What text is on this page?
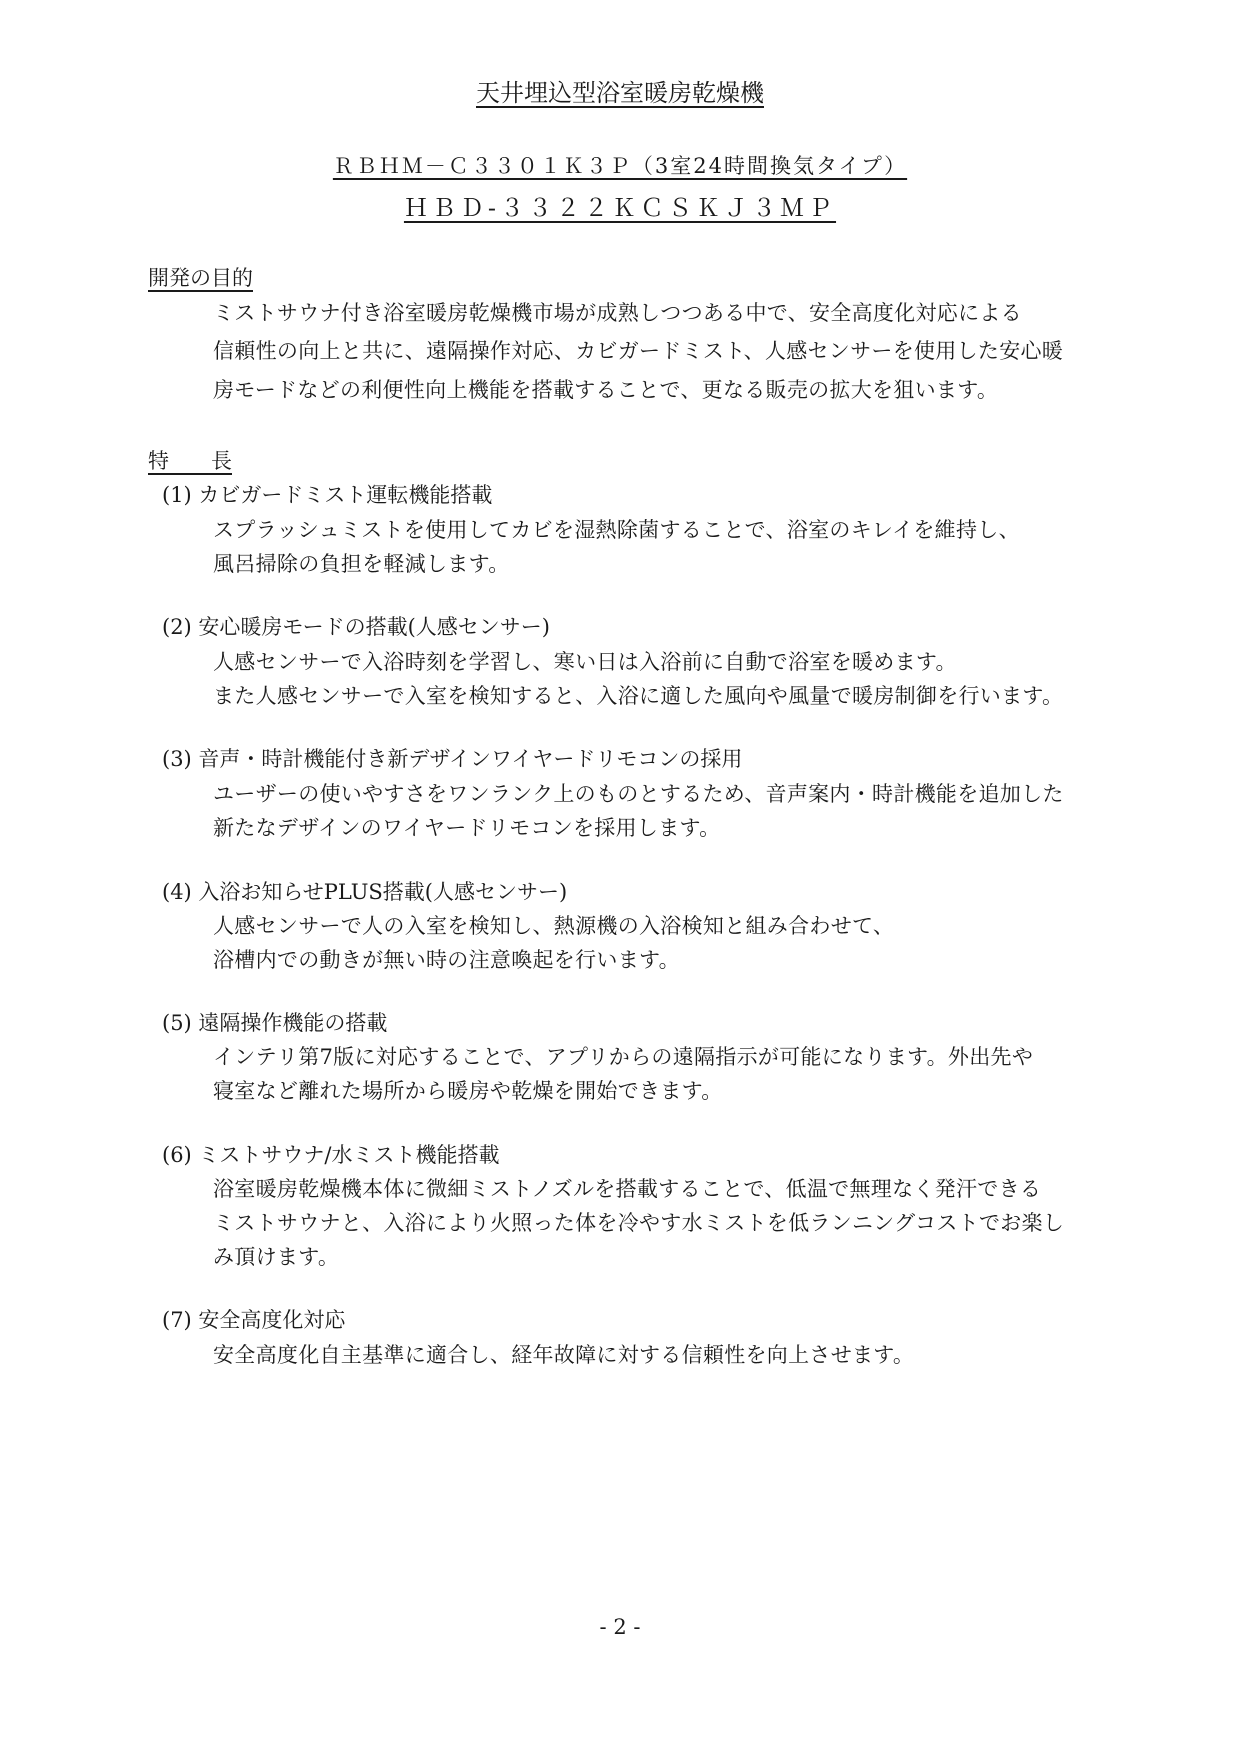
天井埋込型浴室暖房乾燥機
ＲＢＨＭ－Ｃ３３０１Ｋ３Ｐ（3室24時間換気タイプ）
ＨＢＤ-３３２２ＫＣＳＫＪ３ＭＰ
開発の目的
ミストサウナ付き浴室暖房乾燥機市場が成熟しつつある中で、安全高度化対応による
信頼性の向上と共に、遠隔操作対応、カビガードミスト、人感センサーを使用した安心暖
房モードなどの利便性向上機能を搭載することで、更なる販売の拡大を狙います。
特　　長
(1) カビガードミスト運転機能搭載
スプラッシュミストを使用してカビを湿熱除菌することで、浴室のキレイを維持し、
風呂掃除の負担を軽減します。
(2) 安心暖房モードの搭載(人感センサー)
人感センサーで入浴時刻を学習し、寒い日は入浴前に自動で浴室を暖めます。
また人感センサーで入室を検知すると、入浴に適した風向や風量で暖房制御を行います。
(3) 音声・時計機能付き新デザインワイヤードリモコンの採用
ユーザーの使いやすさをワンランク上のものとするため、音声案内・時計機能を追加した
新たなデザインのワイヤードリモコンを採用します。
(4) 入浴お知らせPLUS搭載(人感センサー)
人感センサーで人の入室を検知し、熱源機の入浴検知と組み合わせて、
浴槽内での動きが無い時の注意喚起を行います。
(5) 遠隔操作機能の搭載
インテリ第7版に対応することで、アプリからの遠隔指示が可能になります。外出先や
寝室など離れた場所から暖房や乾燥を開始できます。
(6) ミストサウナ/水ミスト機能搭載
浴室暖房乾燥機本体に微細ミストノズルを搭載することで、低温で無理なく発汗できる
ミストサウナと、入浴により火照った体を冷やす水ミストを低ランニングコストでお楽し
み頂けます。
(7) 安全高度化対応
安全高度化自主基準に適合し、経年故障に対する信頼性を向上させます。
- 2 -
